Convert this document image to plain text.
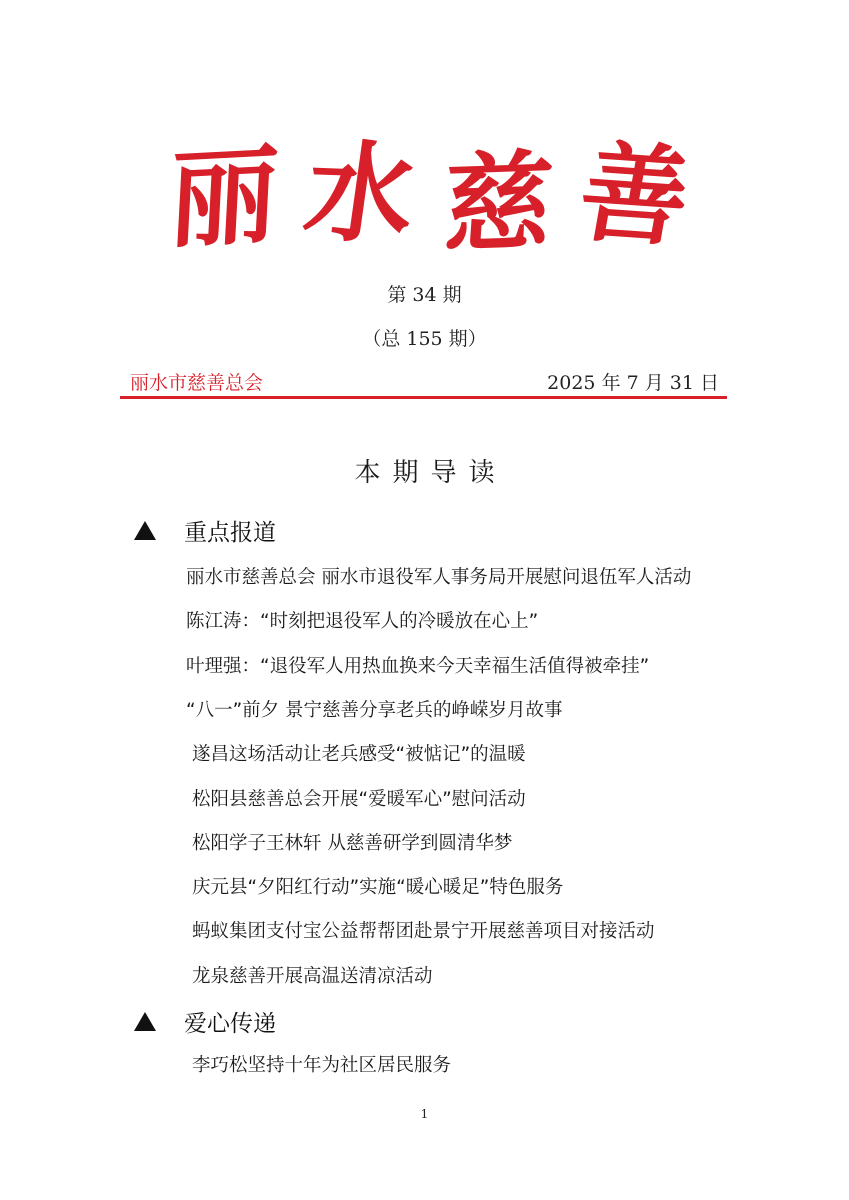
丽 水 慈 善
第 34 期
（总 155 期）
丽水市慈善总会	2025 年 7 月 31 日
本期导读
重点报道
丽水市慈善总会 丽水市退役军人事务局开展慰问退伍军人活动
陈江涛：“时刻把退役军人的冷暖放在心上”
叶理强：“退役军人用热血换来今天幸福生活值得被牵挂”
“八一”前夕 景宁慈善分享老兵的峥嵘岁月故事
遂昌这场活动让老兵感受“被惦记”的温暖
松阳县慈善总会开展“爱暖军心”慰问活动
松阳学子王林轩 从慈善研学到圆清华梦
庆元县“夕阳红行动”实施“暖心暖足”特色服务
蚂蚁集团支付宝公益帮帮团赴景宁开展慈善项目对接活动
龙泉慈善开展高温送清凉活动
爱心传递
李巧松坚持十年为社区居民服务
1
